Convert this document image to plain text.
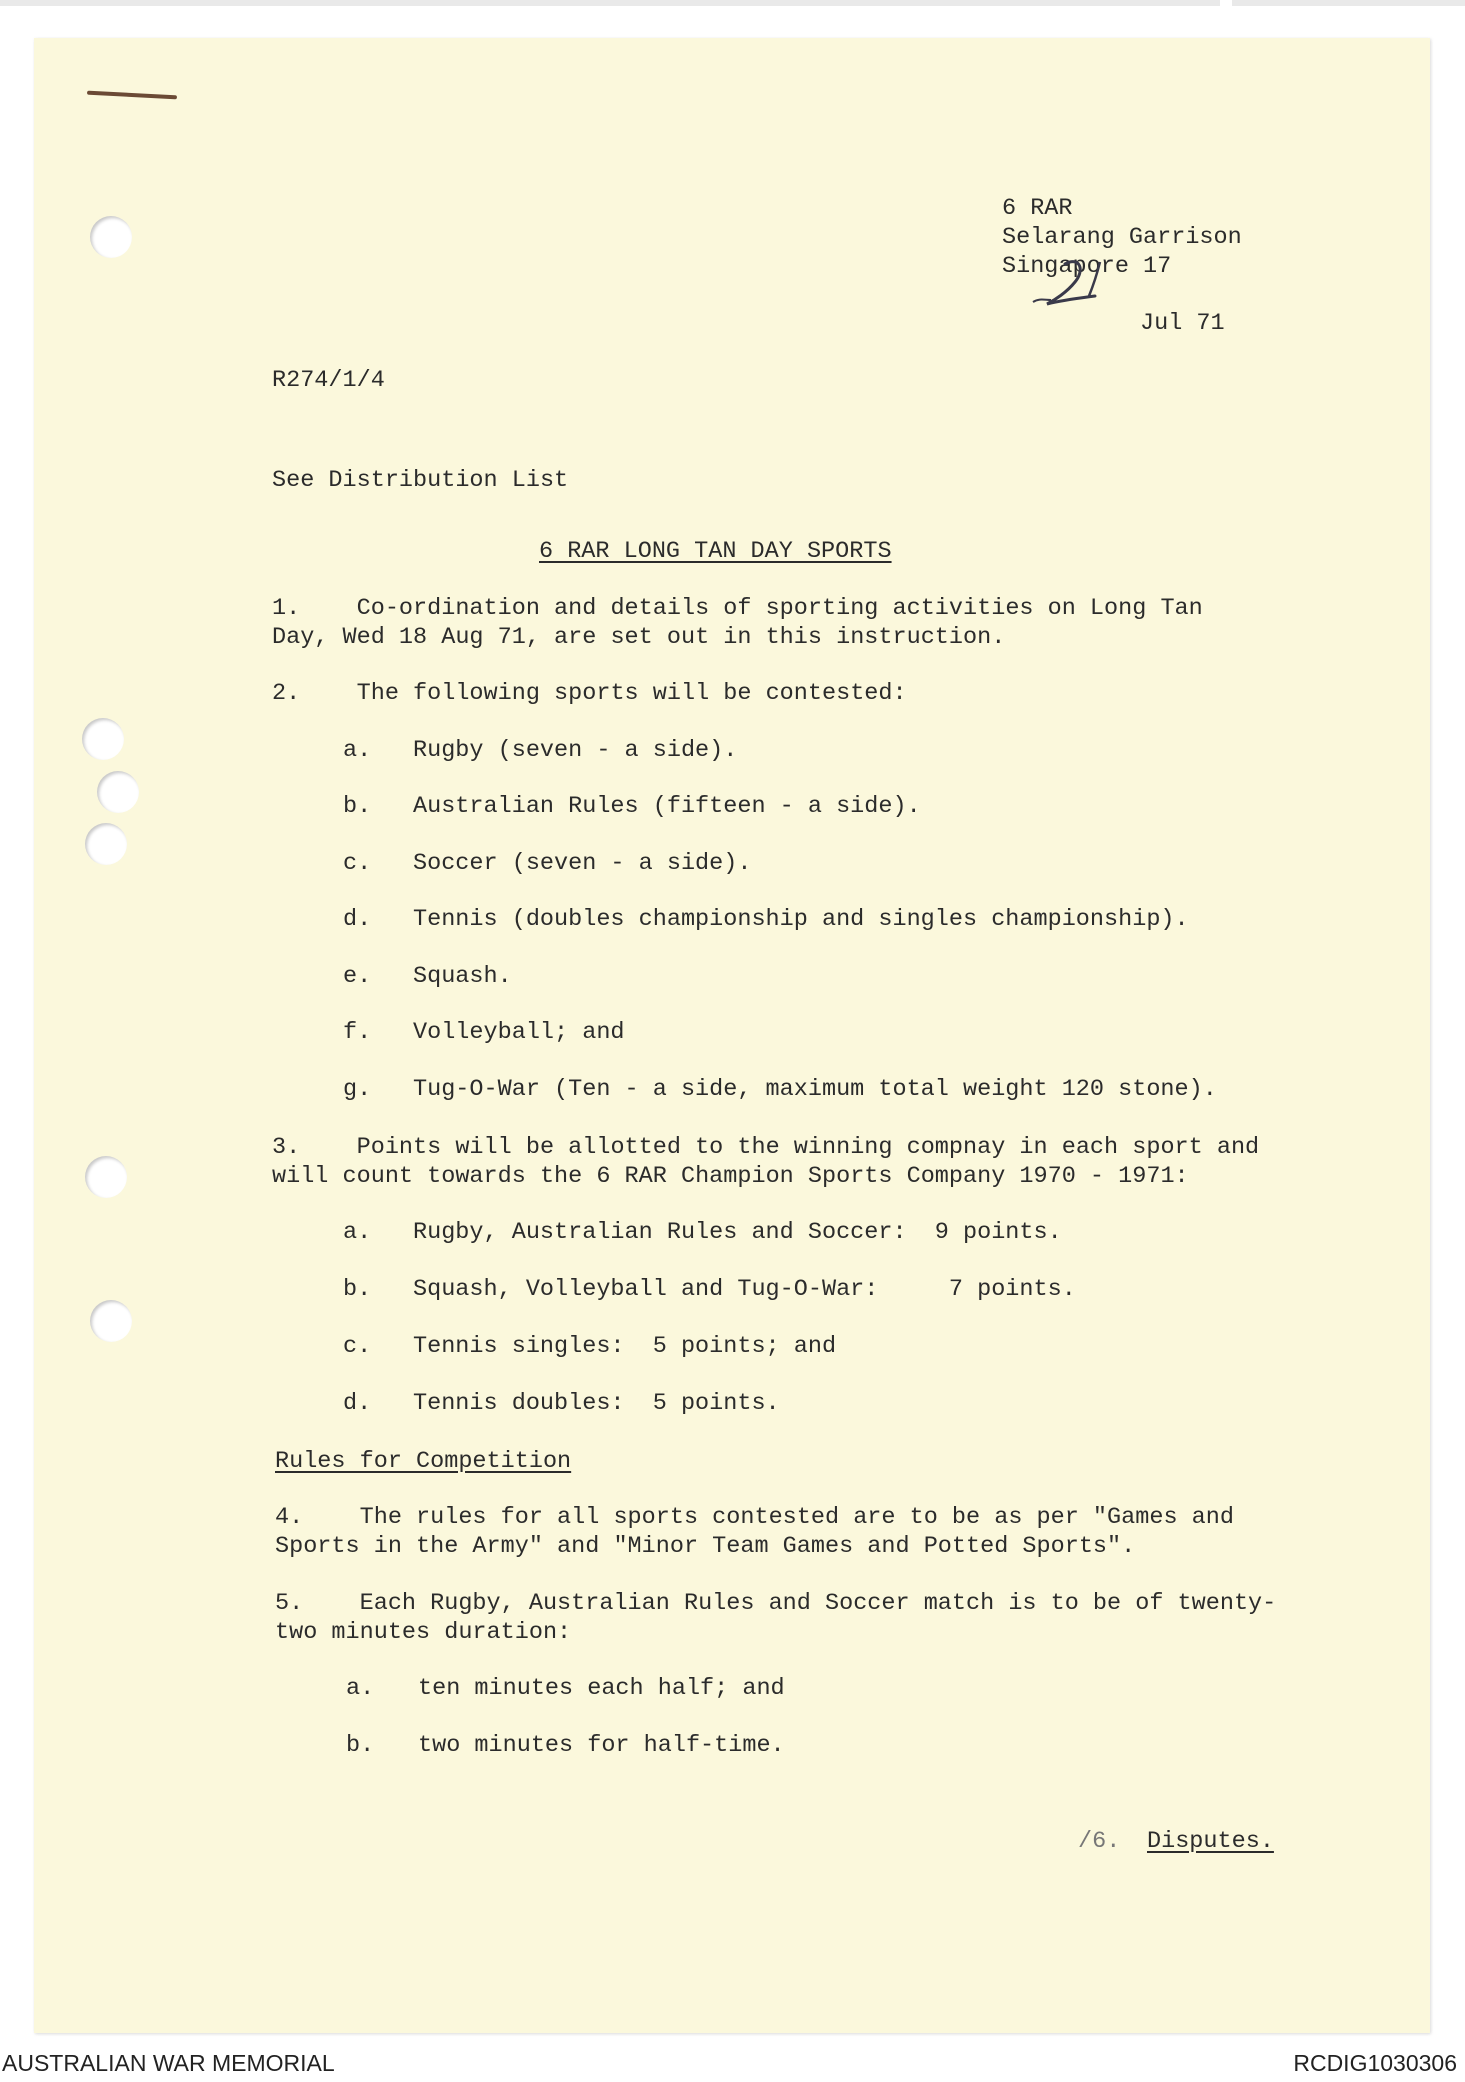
6 RAR
Selarang Garrison
Singapore 17
Jul 71
R274/1/4
See Distribution List
6 RAR LONG TAN DAY SPORTS
1.    Co-ordination and details of sporting activities on Long Tan
Day, Wed 18 Aug 71, are set out in this instruction.
2.    The following sports will be contested:
a. Rugby (seven - a side).
b. Australian Rules (fifteen - a side).
c. Soccer (seven - a side).
d. Tennis (doubles championship and singles championship).
e. Squash.
f. Volleyball; and
g. Tug-O-War (Ten - a side, maximum total weight 120 stone).
3.    Points will be allotted to the winning compnay in each sport and
will count towards the 6 RAR Champion Sports Company 1970 - 1971:
a. Rugby, Australian Rules and Soccer:  9 points.
b. Squash, Volleyball and Tug-O-War:     7 points.
c. Tennis singles:  5 points; and
d. Tennis doubles:  5 points.
Rules for Competition
4.    The rules for all sports contested are to be as per "Games and
Sports in the Army" and "Minor Team Games and Potted Sports".
5.    Each Rugby, Australian Rules and Soccer match is to be of twenty-
two minutes duration:
a. ten minutes each half; and
b. two minutes for half-time.
/6. Disputes.
AUSTRALIAN WAR MEMORIAL	RCDIG1030306
